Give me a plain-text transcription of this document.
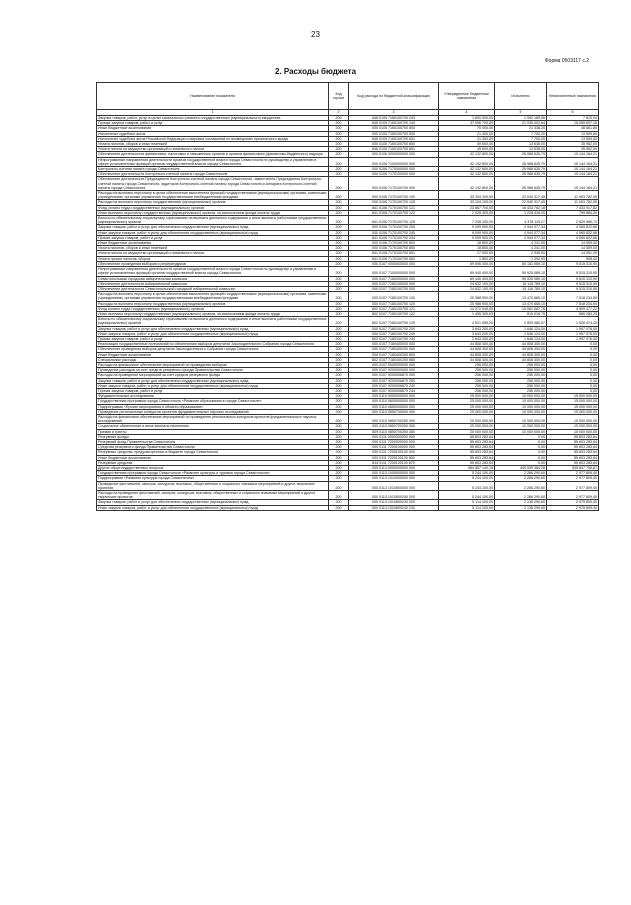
23
Форма 0503117 с.2
2. Расходы бюджета
Наименование показателя	Код строки	Код расхода по бюджетной классификации	Утвержденные бюджетные назначения	Исполнено	Неисполненные назначения
1	2	3	4	5	6
Закупка товаров, работ, услуг в целях капитального ремонта государственного (муниципального) имущества	200	846 0105 71К0100700 243	1 600 000,00	1 592 189,96	7 810,04
Прочая закупка товаров, работ и услуг	200	846 0105 71К0100700 244	37 096 700,00	21 035 002,84	16 055 697,16
Иные бюджетные ассигнования	200	000 0105 71К0100700 800	70 000,00	21 338,20	48 661,80
Исполнение судебных актов	200	000 0105 71К0100700 830	21 300,00	7 700,20	13 599,80
Исполнение судебных актов Российской Федерации и мировых соглашений по возмещению причиненного вреда	200	846 0105 71К0100700 831	21 300,00	7 700,20	13 599,80
Уплата налогов, сборов и иных платежей	200	000 0105 71К0100700 850	49 600,00	13 638,00	35 962,00
Уплата налога на имущество организаций и земельного налога	200	846 0105 71К0100700 851	49 600,00	13 638,00	35 962,00
Обеспечение деятельности финансовых, налоговых и таможенных органов и органов финансового (финансово-бюджетного) надзора	200	000 0106 0000000000 000	42 132 800,00	26 988 635,79	15 144 164,21
Непрограммные направления деятельности органов государственной власти города Севастополя по руководству и управлению в сфере установленных функций органов государственной власти города Севастополя	200	000 0106 7100000000 000	42 132 800,00	26 988 635,79	15 144 164,21
Контрольно-счетная палата города Севастополя	200	000 0106 7170000000 000	42 132 800,00	26 988 635,79	15 144 164,21
Обеспечение деятельности Контрольно-счетной палаты города Севастополя	200	000 0106 7170100000 000	42 132 800,00	26 988 635,79	15 144 164,21
Обеспечение деятельности Председателя Контрольно-счетной палаты города Севастополя, заместителя Председателя Контрольно-счетной палаты города Севастополя, аудиторов Контрольно-счетной палаты города Севастополя и Аппарата Контрольно-счетной палаты города Севастополя	200	000 0106 7170100700 000	42 132 800,00	26 988 635,79	15 144 164,21
Расходы на выплаты персоналу в целях обеспечения выполнения функций государственными (муниципальными) органами, казенными учреждениями, органами управления государственными внебюджетными фондами	200	000 0106 7170100700 100	33 104 100,00	22 040 317,45	11 063 782,55
Расходы на выплаты персоналу государственных (муниципальных) органов	200	000 0106 7170100700 120	33 104 100,00	22 040 317,45	11 063 782,55
Фонд оплаты труда государственных (муниципальных) органов	200	841 0106 7170100700 121	23 867 700,00	16 433 782,18	7 433 917,82
Иные выплаты персоналу государственных (муниципальных) органов, за исключением фонда оплаты труда	200	841 0106 7170100700 122	2 028 300,00	1 228 416,00	799 884,00
Взносы по обязательному социальному страхованию на выплаты денежного содержания и иные выплаты работникам государственных (муниципальных) органов	200	841 0106 7170100700 129	7 208 100,00	4 378 119,27	2 829 980,73
Закупка товаров, работ и услуг для обеспечения государственных (муниципальных) нужд	200	000 0106 7170100700 200	9 009 900,00	4 944 077,34	4 065 822,66
Иные закупки товаров, работ и услуг для обеспечения государственных (муниципальных) нужд	200	000 0106 7170100700 240	9 009 900,00	4 944 077,34	4 065 822,66
Прочая закупка товаров, работ и услуг	200	841 0106 7170100700 244	9 009 900,00	4 944 077,34	4 065 822,66
Иные бюджетные ассигнования	200	000 0106 7170100700 800	18 800,00	4 241,00	14 559,00
Уплата налогов, сборов и иных платежей	200	000 0106 7170100700 850	18 800,00	4 241,00	14 559,00
Уплата налога на имущество организаций и земельного налога	200	841 0106 7170100700 851	17 000,00	2 949,00	14 051,00
Уплата прочих налогов, сборов	200	841 0106 7170100700 852	1 800,00	1 292,00	508,00
Обеспечение проведения выборов и референдумов	200	000 0107 0000000000 000	69 696 400,00	60 181 089,10	9 515 310,90
Непрограммные направления деятельности органов государственной власти города Севастополя по руководству и управлению в сфере установленных функций органов государственной власти города Севастополя	200	000 0107 7100000000 000	69 440 400,00	59 925 089,10	9 515 310,90
Севастопольская городская избирательная комиссия	200	000 0107 7180000000 000	69 440 400,00	59 925 089,10	9 515 310,90
Обеспечение деятельности избирательной комиссии	200	000 0107 7180100000 000	24 632 100,00	15 116 789,10	9 515 310,90
Обеспечение деятельности Севастопольской городской избирательной комиссии	200	000 0107 7180100700 000	24 632 100,00	15 116 789,10	9 515 310,90
Расходы на выплаты персоналу в целях обеспечения выполнения функций государственными (муниципальными) органами, казенными учреждениями, органами управления государственными внебюджетными фондами	200	000 0107 7180100700 100	20 988 900,00	13 470 665,10	7 518 234,90
Расходы на выплаты персоналу государственных (муниципальных) органов	200	000 0107 7180100700 120	20 988 900,00	13 470 665,10	7 518 234,90
Фонд оплаты труда государственных (муниципальных) органов	200	802 0107 7180100700 121	14 972 045,00	10 062 567,78	4 909 477,22
Иные выплаты персоналу государственных (муниципальных) органов, за исключением фонда оплаты труда	200	802 0107 7180100700 122	1 495 300,00	815 016,75	680 283,25
Взносы по обязательному социальному страхованию на выплаты денежного содержания и иные выплаты работникам государственных (муниципальных) органов	200	802 0107 7180100700 129	4 521 555,00	2 593 080,57	1 928 474,43
Закупка товаров, работ и услуг для обеспечения государственных (муниципальных) нужд	200	000 0107 7180100700 200	3 643 200,00	1 646 124,00	1 997 076,00
Иные закупки товаров, работ и услуг для обеспечения государственных (муниципальных) нужд	200	000 0107 7180100700 240	3 643 200,00	1 646 124,00	1 997 076,00
Прочая закупка товаров, работ и услуг	200	802 0107 7180100700 244	3 643 200,00	1 646 124,00	1 997 076,00
Реализация государственных полномочий по обеспечению выборов депутатов Законодательного Собрания города Севастополя	200	000 0107 7180400000 000	44 808 300,00	44 808 300,00	0,00
Обеспечение проведения выборов депутатов Законодательного Собрания города Севастополя	200	000 0107 7180400200 000	44 808 300,00	44 808 300,00	0,00
Иные бюджетные ассигнования	200	000 0107 7180400200 800	44 808 300,00	44 808 300,00	0,00
Специальные расходы	200	802 0107 7180400200 880	44 808 300,00	44 808 300,00	0,00
Расходы на финансовое обеспечение мероприятий по проведению выборов	200	000 0107 0000000000 000	256 000,00	256 000,00	0,00
Проведение расходов за счет средств резервного фонда Правительства Севастополя	200	000 0107 9200000000 000	256 000,00	256 000,00	0,00
Расходы на проведение мероприятий за счет средств резервного фонда	200	000 0107 9200006870 000	256 000,00	256 000,00	0,00
Закупка товаров, работ и услуг для обеспечения государственных (муниципальных) нужд	200	000 0107 9200006870 200	256 000,00	256 000,00	0,00
Иные закупки товаров, работ и услуг для обеспечения государственных (муниципальных) нужд	200	000 0107 9200006870 240	256 000,00	256 000,00	0,00
Прочая закупка товаров, работ и услуг	200	860 0107 9200006870 244	256 000,00	256 000,00	0,00
Фундаментальные исследования	200	000 0110 0000000000 000	25 000 000,00	10 000 000,00	15 000 000,00
Государственная программа города Севастополя «Развитие образования в городе Севастополе»	200	000 0110 0800000000 000	25 000 000,00	10 000 000,00	15 000 000,00
Подпрограмма «Прочие мероприятия в области образования»	200	000 0110 0850000000 000	25 000 000,00	10 000 000,00	15 000 000,00
Проведение региональных конкурсов проектов фундаментальных научных исследований	200	000 0110 0850700000 000	25 000 000,00	10 000 000,00	15 000 000,00
Расходы на финансовое обеспечение мероприятий по проведению региональных конкурсов проектов фундаментальных научных исследований	200	000 0110 0850700250 000	25 000 000,00	10 000 000,00	15 000 000,00
Социальное обеспечение и иные выплаты населению	200	000 0110 0850700250 300	25 000 000,00	10 000 000,00	15 000 000,00
Премии и гранты	200	809 0110 0850700250 350	25 000 000,00	10 000 000,00	15 000 000,00
Резервные фонды	200	000 0111 0000000000 000	55 603 283,64	0,00	55 603 283,64
Резервный фонд Правительства Севастополя	200	000 0111 7200000000 000	55 603 283,64	0,00	55 603 283,64
Средства резервного фонда Правительства Севастополя	200	000 0111 7200100000 000	55 603 283,64	0,00	55 603 283,64
Резервные средства, предусмотренные в бюджете города Севастополя	200	000 0111 7200100100 000	55 603 283,64	0,00	55 603 283,64
Иные бюджетные ассигнования	200	000 0111 7200100100 800	55 603 283,64	0,00	55 603 283,64
Резервные средства	200	814 0111 7200100100 870	55 603 283,64	0,00	55 603 283,64
Другие общегосударственные вопросы	200	000 0113 0000000000 000	984 857 140,15	449 009 384,28	535 847 755,87
Государственная программа города Севастополя «Развитие культуры и туризма города Севастополя»	200	000 0113 1000000000 000	5 244 100,00	2 266 290,60	2 977 809,40
Подпрограмма «Развитие культуры города Севастополя»	200	000 0113 1010000000 000	5 244 100,00	2 266 290,60	2 977 809,40
Проведение фестивалей, смотров, конкурсов, выставок, общественных и социально значимых мероприятий и других творческих проектов	200	000 0113 1010800000 000	5 244 100,00	2 266 290,60	2 977 809,40
Расходы на проведение фестивалей, смотров, конкурсов, выставок, общественных и социально значимых мероприятий и других творческих проектов	200	000 0113 1010800240 000	5 244 100,00	2 266 290,60	2 977 809,40
Закупка товаров, работ и услуг для обеспечения государственных (муниципальных) нужд	200	000 0113 1010800240 200	5 114 100,00	2 138 290,60	2 975 809,40
Иные закупки товаров, работ и услуг для обеспечения государственных (муниципальных) нужд	200	000 0113 1010800240 240	5 114 100,00	2 138 290,60	2 975 809,40
